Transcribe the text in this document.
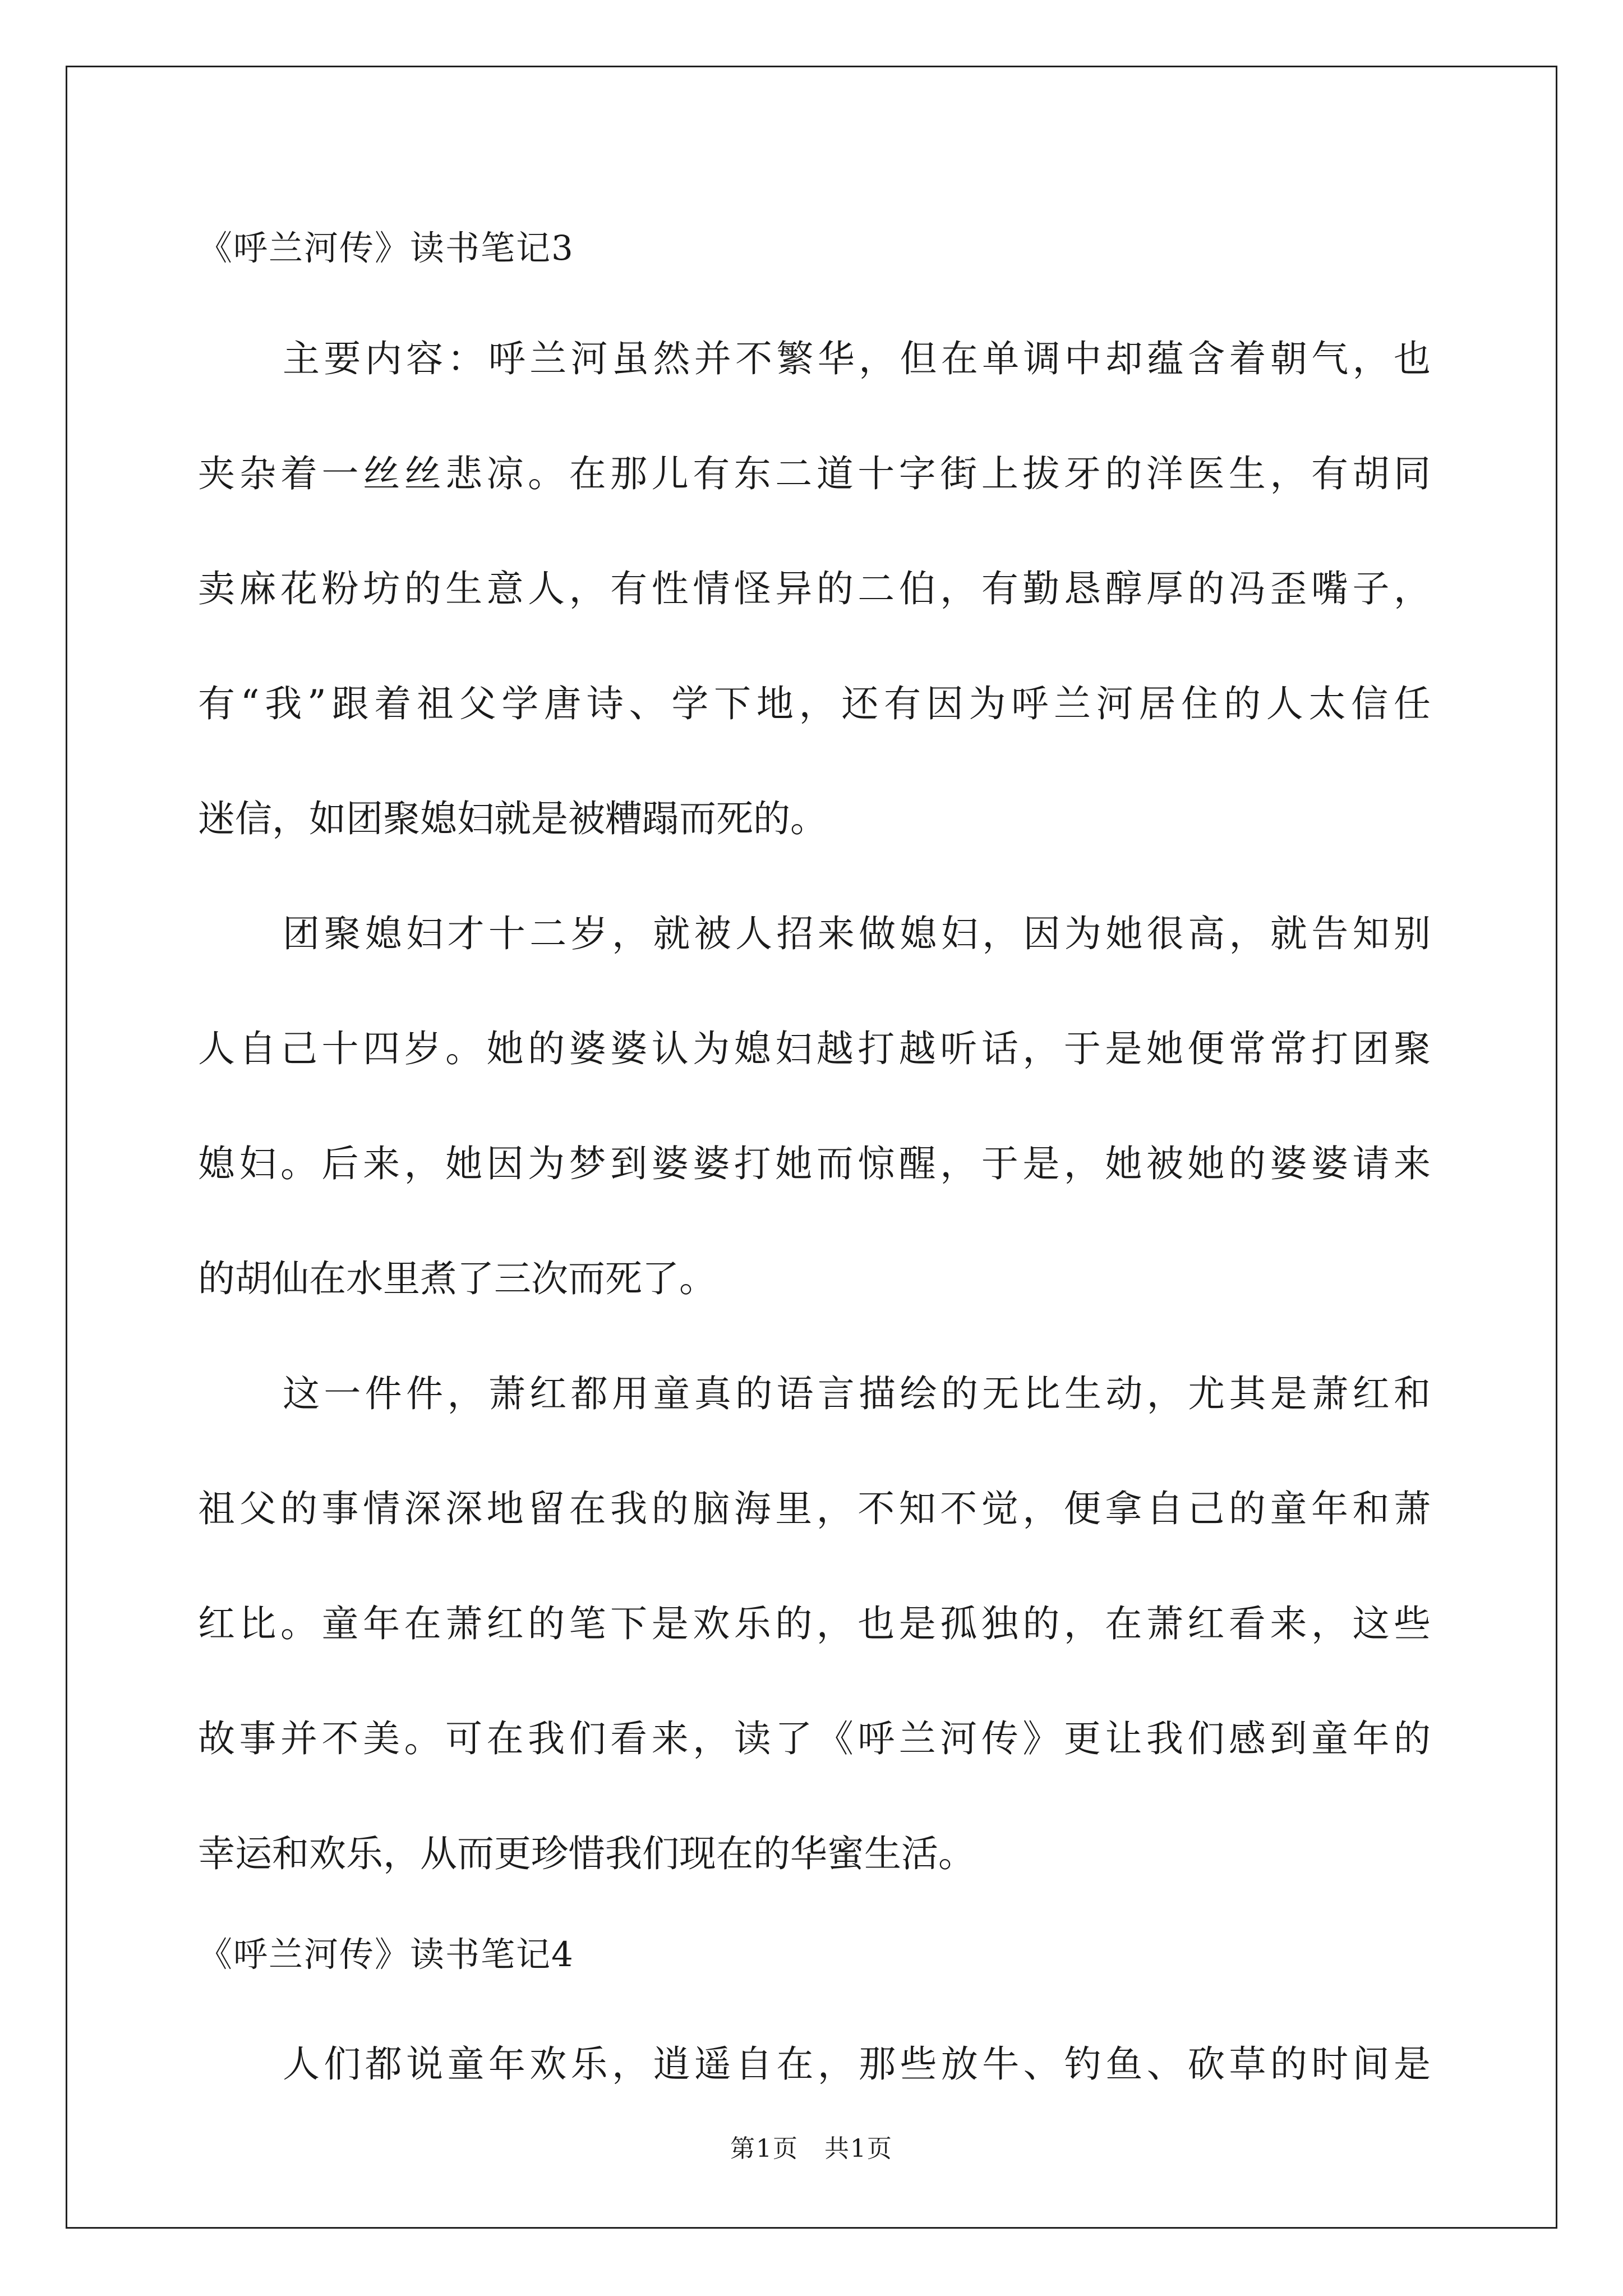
《呼兰河传》读书笔记3
主要内容：呼兰河虽然并不繁华，但在单调中却蕴含着朝气，也
夹杂着一丝丝悲凉。在那儿有东二道十字街上拔牙的洋医生，有胡同
卖麻花粉坊的生意人，有性情怪异的二伯，有勤恳醇厚的冯歪嘴子，
有“我”跟着祖父学唐诗、学下地，还有因为呼兰河居住的人太信任
迷信，如团聚媳妇就是被糟蹋而死的。
团聚媳妇才十二岁，就被人招来做媳妇，因为她很高，就告知别
人自己十四岁。她的婆婆认为媳妇越打越听话，于是她便常常打团聚
媳妇。后来，她因为梦到婆婆打她而惊醒，于是，她被她的婆婆请来
的胡仙在水里煮了三次而死了。
这一件件，萧红都用童真的语言描绘的无比生动，尤其是萧红和
祖父的事情深深地留在我的脑海里，不知不觉，便拿自己的童年和萧
红比。童年在萧红的笔下是欢乐的，也是孤独的，在萧红看来，这些
故事并不美。可在我们看来，读了《呼兰河传》更让我们感到童年的
幸运和欢乐，从而更珍惜我们现在的华蜜生活。
《呼兰河传》读书笔记4
人们都说童年欢乐，逍遥自在，那些放牛、钓鱼、砍草的时间是
第1页　共1页
